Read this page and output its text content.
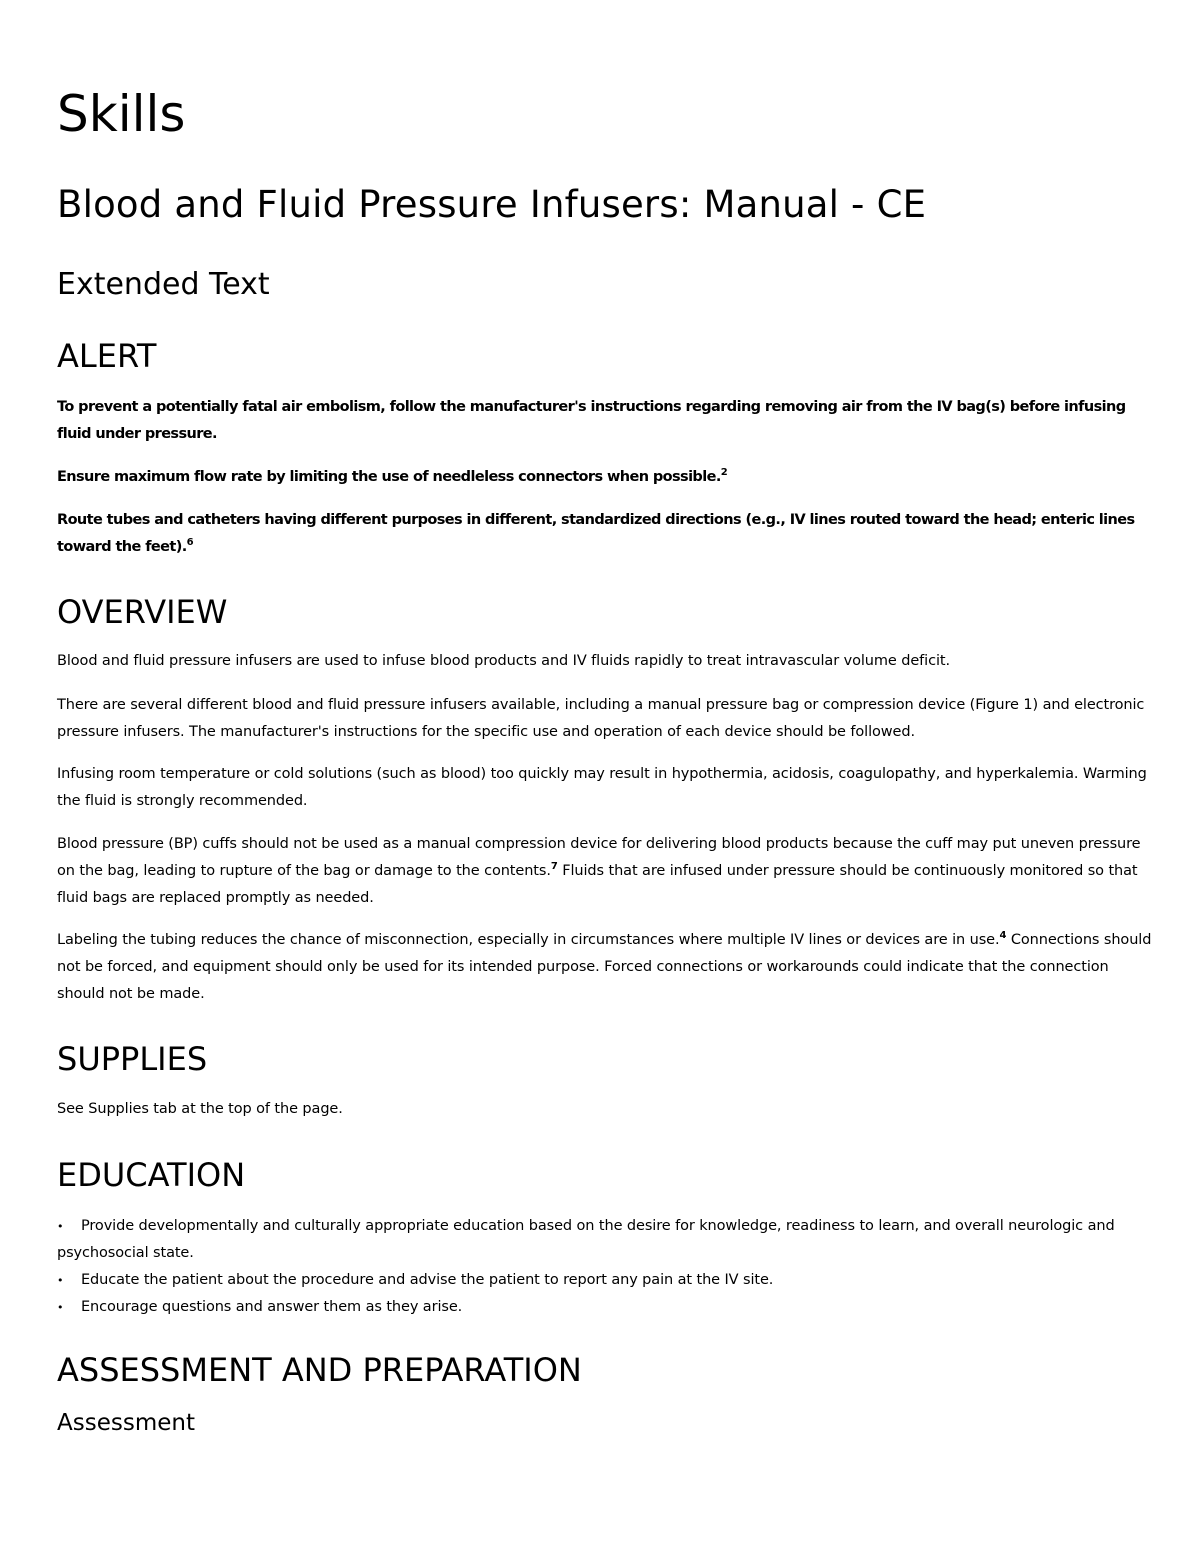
Skills
Blood and Fluid Pressure Infusers: Manual - CE
Extended Text
ALERT

To prevent a potentially fatal air embolism, follow the manufacturer's instructions regarding removing air from the IV bag(s) before infusing fluid under pressure.

Ensure maximum flow rate by limiting the use of needleless connectors when possible.$^2$

Route tubes and catheters having different purposes in different, standardized directions (e.g., IV lines routed toward the head; enteric lines toward the feet).$^6$

OVERVIEW

Blood and fluid pressure infusers are used to infuse blood products and IV fluids rapidly to treat intravascular volume deficit.

There are several different blood and fluid pressure infusers available, including a manual pressure bag or compression device (Figure 1) and electronic pressure infusers. The manufacturer's instructions for the specific use and operation of each device should be followed.

Infusing room temperature or cold solutions (such as blood) too quickly may result in hypothermia, acidosis, coagulopathy, and hyperkalemia. Warming the fluid is strongly recommended.

Blood pressure (BP) cuffs should not be used as a manual compression device for delivering blood products because the cuff may put uneven pressure on the bag, leading to rupture of the bag or damage to the contents.$^7$ Fluids that are infused under pressure should be continuously monitored so that fluid bags are replaced promptly as needed.

Labeling the tubing reduces the chance of misconnection, especially in circumstances where multiple IV lines or devices are in use.$^4$ Connections should not be forced, and equipment should only be used for its intended purpose. Forced connections or workarounds could indicate that the connection should not be made.

SUPPLIES

See Supplies tab at the top of the page.

EDUCATION
• Provide developmentally and culturally appropriate education based on the desire for knowledge, readiness to learn, and overall neurologic and psychosocial state.
• Educate the patient about the procedure and advise the patient to report any pain at the IV site.
• Encourage questions and answer them as they arise.
ASSESSMENT AND PREPARATION
Assessment
